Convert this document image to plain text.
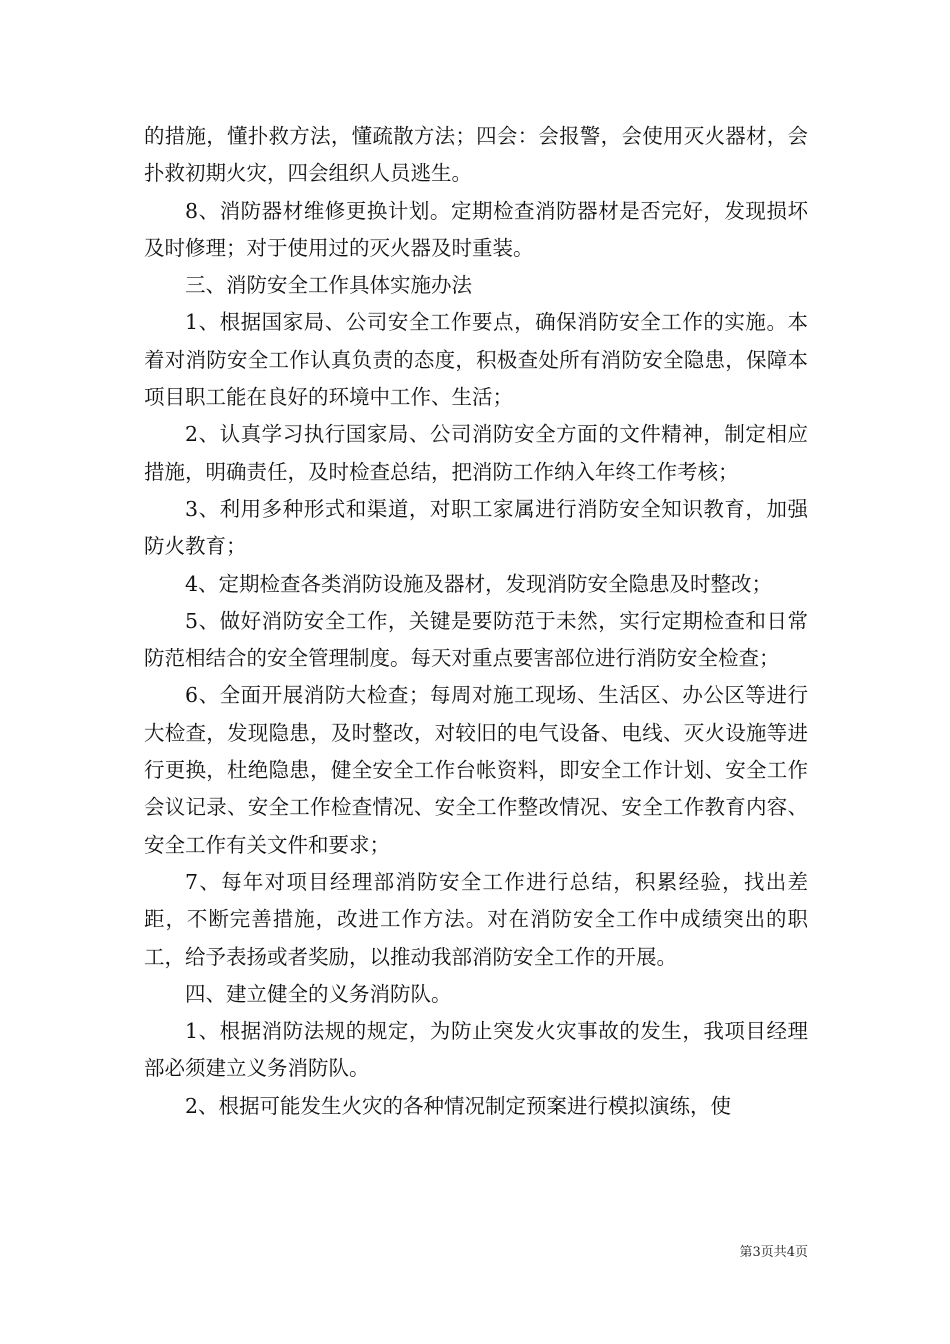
的措施，懂扑救方法，懂疏散方法；四会：会报警，会使用灭火器材，会扑救初期火灾，四会组织人员逃生。

8、消防器材维修更换计划。定期检查消防器材是否完好，发现损坏及时修理；对于使用过的灭火器及时重装。

三、消防安全工作具体实施办法

1、根据国家局、公司安全工作要点，确保消防安全工作的实施。本着对消防安全工作认真负责的态度，积极查处所有消防安全隐患，保障本项目职工能在良好的环境中工作、生活；

2、认真学习执行国家局、公司消防安全方面的文件精神，制定相应措施，明确责任，及时检查总结，把消防工作纳入年终工作考核；

3、利用多种形式和渠道，对职工家属进行消防安全知识教育，加强防火教育；

4、定期检查各类消防设施及器材，发现消防安全隐患及时整改；

5、做好消防安全工作，关键是要防范于未然，实行定期检查和日常防范相结合的安全管理制度。每天对重点要害部位进行消防安全检查；

6、全面开展消防大检查；每周对施工现场、生活区、办公区等进行大检查，发现隐患，及时整改，对较旧的电气设备、电线、灭火设施等进行更换，杜绝隐患，健全安全工作台帐资料，即安全工作计划、安全工作会议记录、安全工作检查情况、安全工作整改情况、安全工作教育内容、安全工作有关文件和要求；

7、每年对项目经理部消防安全工作进行总结，积累经验，找出差距，不断完善措施，改进工作方法。对在消防安全工作中成绩突出的职工，给予表扬或者奖励，以推动我部消防安全工作的开展。

四、建立健全的义务消防队。

1、根据消防法规的规定，为防止突发火灾事故的发生，我项目经理部必须建立义务消防队。

2、根据可能发生火灾的各种情况制定预案进行模拟演练，使

第3页共4页
